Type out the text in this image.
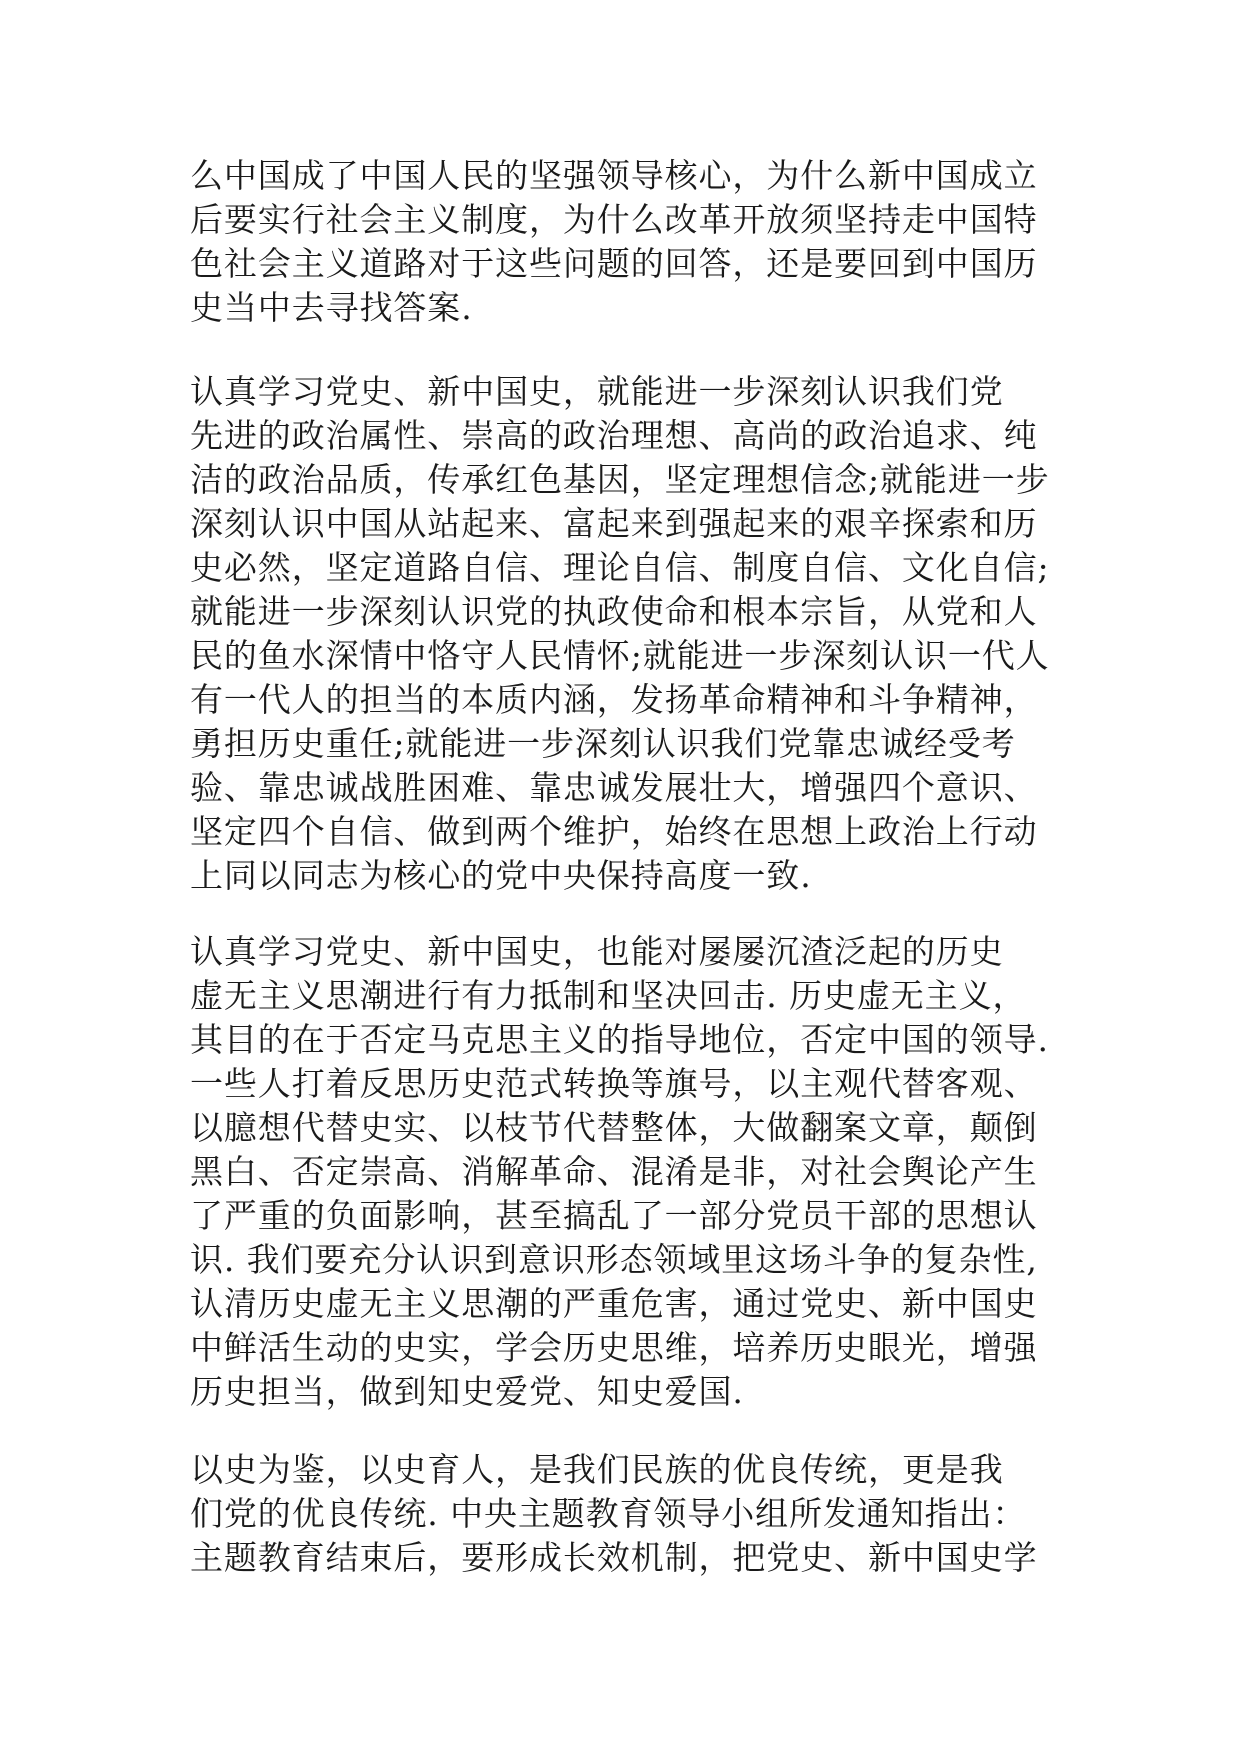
么中国成了中国人民的坚强领导核心，为什么新中国成立
后要实行社会主义制度，为什么改革开放须坚持走中国特
色社会主义道路对于这些问题的回答，还是要回到中国历
史当中去寻找答案.
认真学习党史、新中国史，就能进一步深刻认识我们党
先进的政治属性、崇高的政治理想、高尚的政治追求、纯
洁的政治品质，传承红色基因，坚定理想信念;就能进一步
深刻认识中国从站起来、富起来到强起来的艰辛探索和历
史必然，坚定道路自信、理论自信、制度自信、文化自信;
就能进一步深刻认识党的执政使命和根本宗旨，从党和人
民的鱼水深情中恪守人民情怀;就能进一步深刻认识一代人
有一代人的担当的本质内涵，发扬革命精神和斗争精神，
勇担历史重任;就能进一步深刻认识我们党靠忠诚经受考
验、靠忠诚战胜困难、靠忠诚发展壮大，增强四个意识、
坚定四个自信、做到两个维护，始终在思想上政治上行动
上同以同志为核心的党中央保持高度一致.
认真学习党史、新中国史，也能对屡屡沉渣泛起的历史
虚无主义思潮进行有力抵制和坚决回击. 历史虚无主义，
其目的在于否定马克思主义的指导地位，否定中国的领导.
一些人打着反思历史范式转换等旗号，以主观代替客观、
以臆想代替史实、以枝节代替整体，大做翻案文章，颠倒
黑白、否定崇高、消解革命、混淆是非，对社会舆论产生
了严重的负面影响，甚至搞乱了一部分党员干部的思想认
识. 我们要充分认识到意识形态领域里这场斗争的复杂性,
认清历史虚无主义思潮的严重危害，通过党史、新中国史
中鲜活生动的史实，学会历史思维，培养历史眼光，增强
历史担当，做到知史爱党、知史爱国.
以史为鉴，以史育人，是我们民族的优良传统，更是我
们党的优良传统. 中央主题教育领导小组所发通知指出：
主题教育结束后，要形成长效机制，把党史、新中国史学
